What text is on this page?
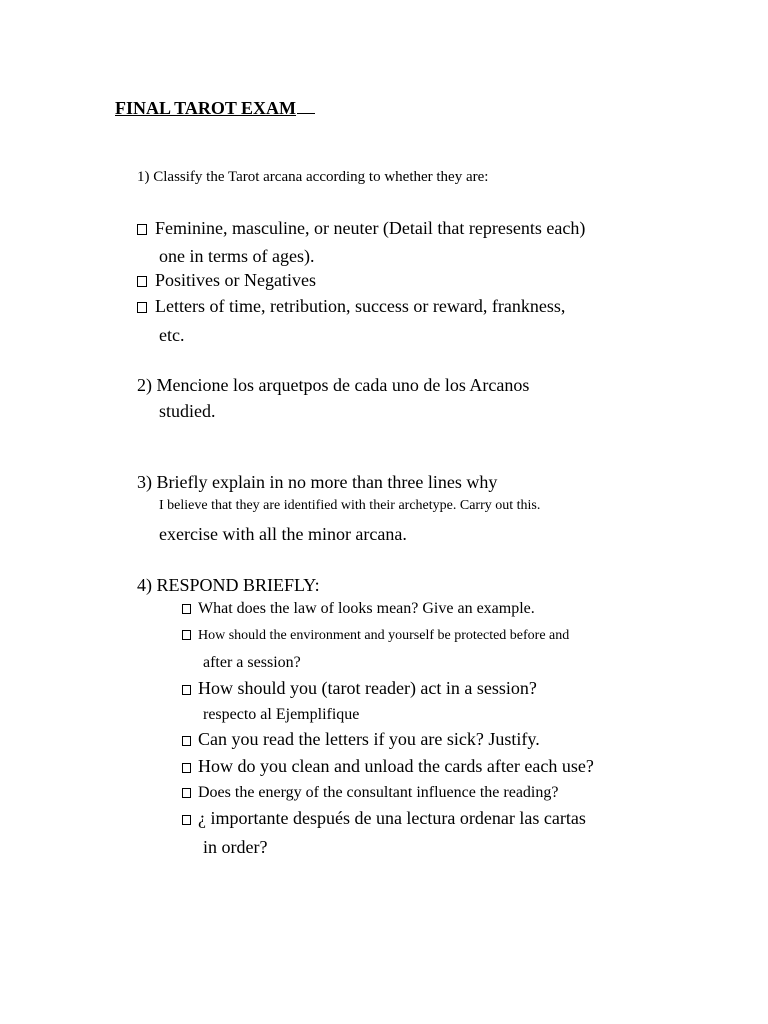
FINAL TAROT EXAM
1) Classify the Tarot arcana according to whether they are:
Feminine, masculine, or neuter (Detail that represents each)
one in terms of ages).
Positives or Negatives
Letters of time, retribution, success or reward, frankness,
etc.
2) Mencione los arquetpos de cada uno de los Arcanos
studied.
3) Briefly explain in no more than three lines why
I believe that they are identified with their archetype. Carry out this.
exercise with all the minor arcana.
4) RESPOND BRIEFLY:
What does the law of looks mean? Give an example.
How should the environment and yourself be protected before and
after a session?
How should you (tarot reader) act in a session?
respecto al Ejemplifique
Can you read the letters if you are sick? Justify.
How do you clean and unload the cards after each use?
Does the energy of the consultant influence the reading?
¿ importante después de una lectura ordenar las cartas
in order?
